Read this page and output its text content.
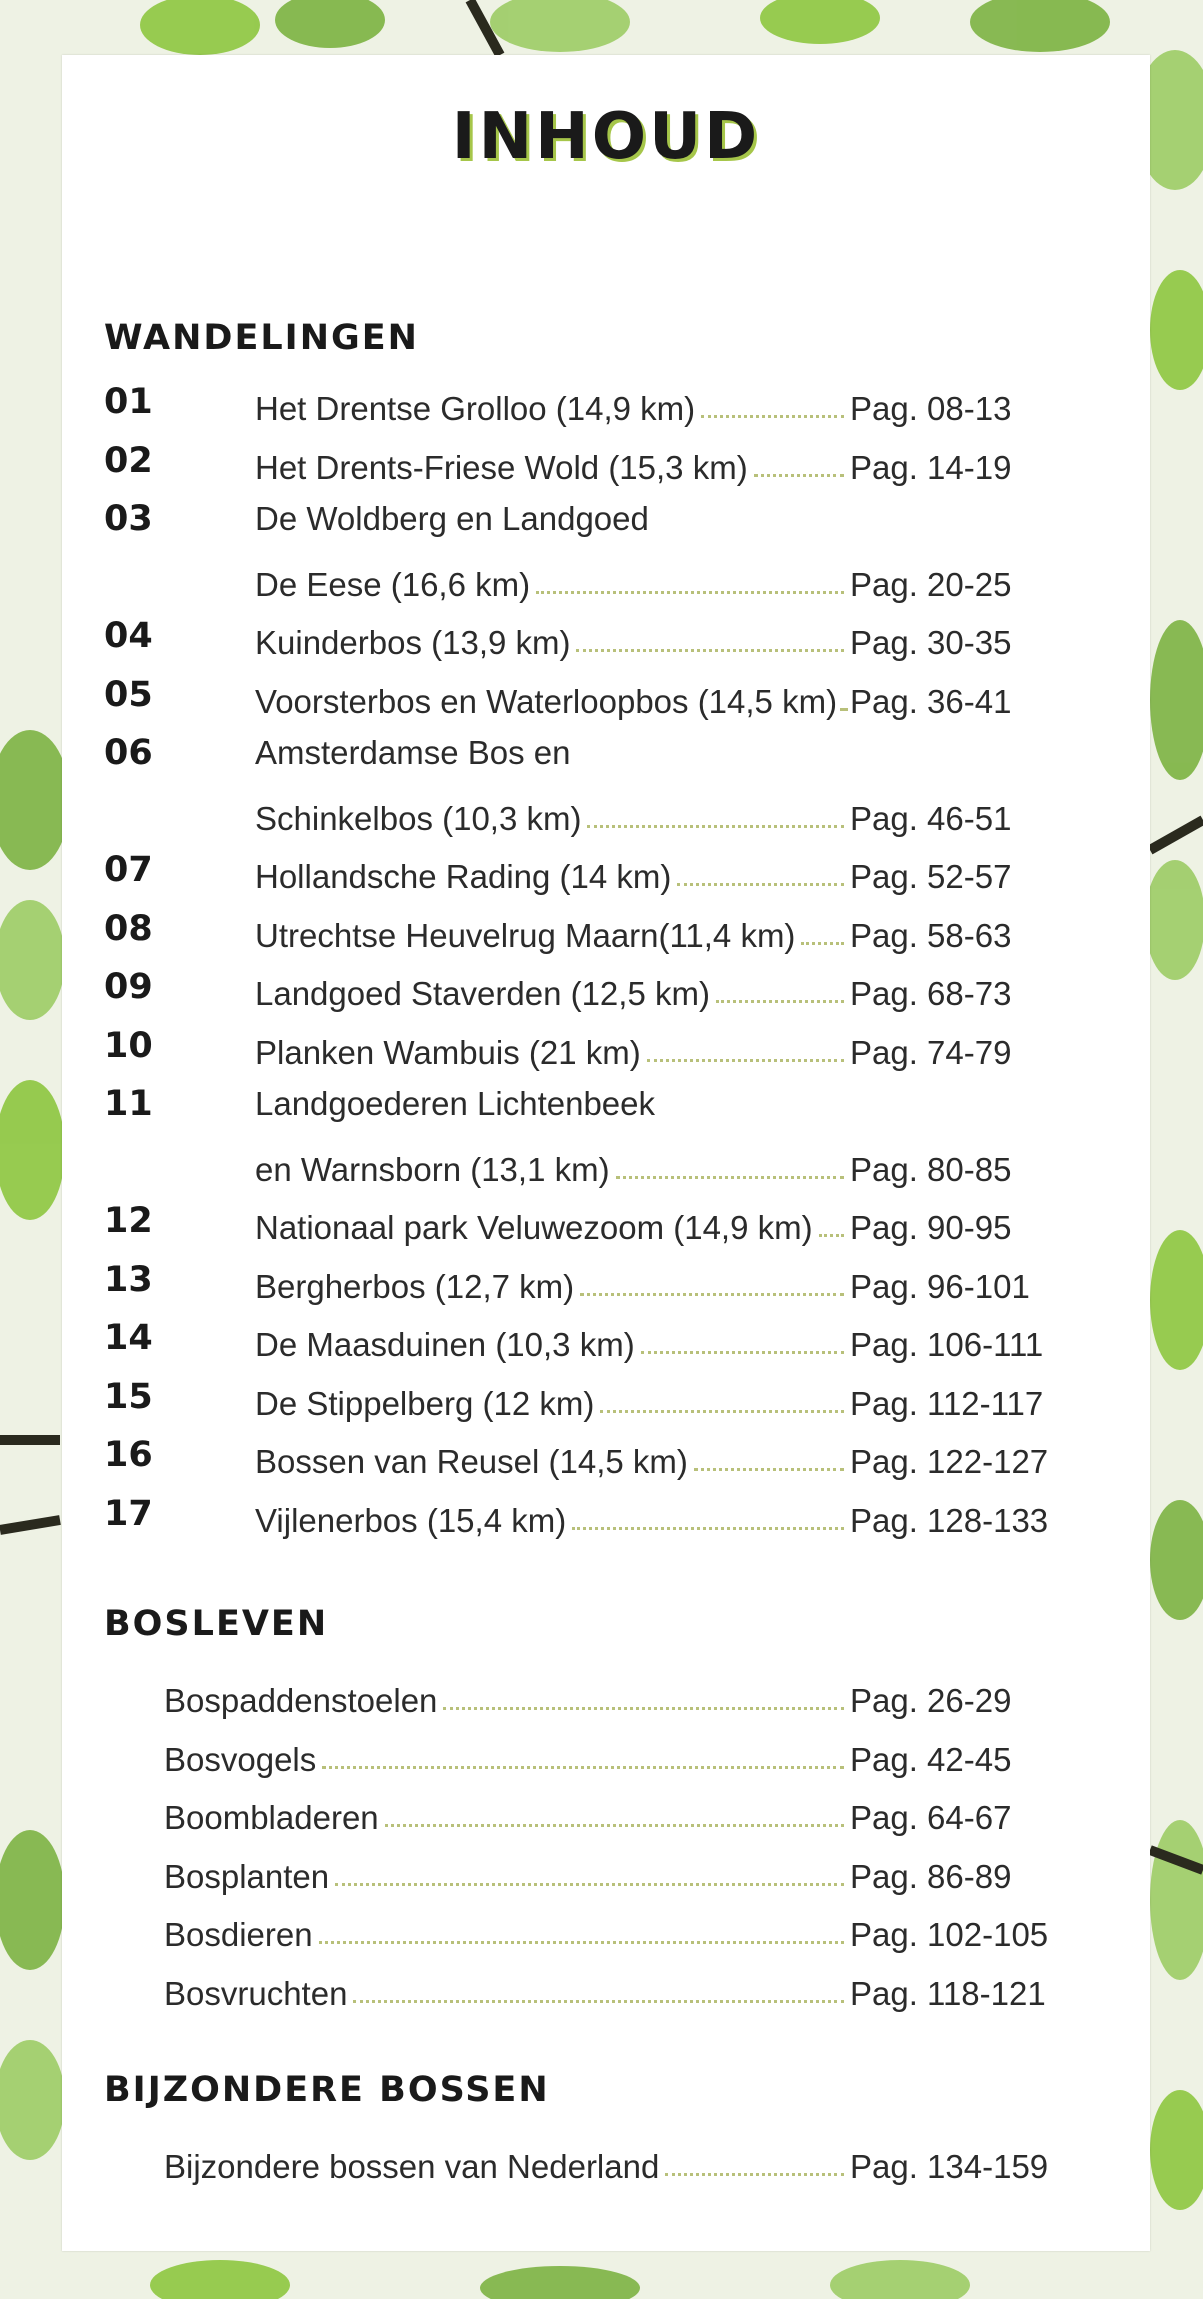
INHOUD
WANDELINGEN
01	Het Drentse Grolloo (14,9 km)	Pag. 08-13
02	Het Drents-Friese Wold (15,3 km)	Pag. 14-19
03	De Woldberg en Landgoed
De Eese (16,6 km)	Pag. 20-25
04	Kuinderbos (13,9 km)	Pag. 30-35
05	Voorsterbos en Waterloopbos (14,5 km) Pag. 36-41
06	Amsterdamse Bos en
Schinkelbos (10,3 km)	Pag. 46-51
07	Hollandsche Rading (14 km)	Pag. 52-57
08	Utrechtse Heuvelrug Maarn(11,4 km) Pag. 58-63
09	Landgoed Staverden (12,5 km)	Pag. 68-73
10	Planken Wambuis (21 km)	Pag. 74-79
11	Landgoederen Lichtenbeek
en Warnsborn (13,1 km)	Pag. 80-85
12	Nationaal park Veluwezoom (14,9 km) Pag. 90-95
13	Bergherbos (12,7 km)	Pag. 96-101
14	De Maasduinen (10,3 km)	Pag. 106-111
15	De Stippelberg (12 km)	Pag. 112-117
16	Bossen van Reusel (14,5 km)	Pag. 122-127
17	Vijlenerbos (15,4 km)	Pag. 128-133
BOSLEVEN
Bospaddenstoelen	Pag. 26-29
Bosvogels	Pag. 42-45
Boombladeren	Pag. 64-67
Bosplanten	Pag. 86-89
Bosdieren	Pag. 102-105
Bosvruchten	Pag. 118-121
BIJZONDERE BOSSEN
Bijzondere bossen van Nederland	Pag. 134-159
